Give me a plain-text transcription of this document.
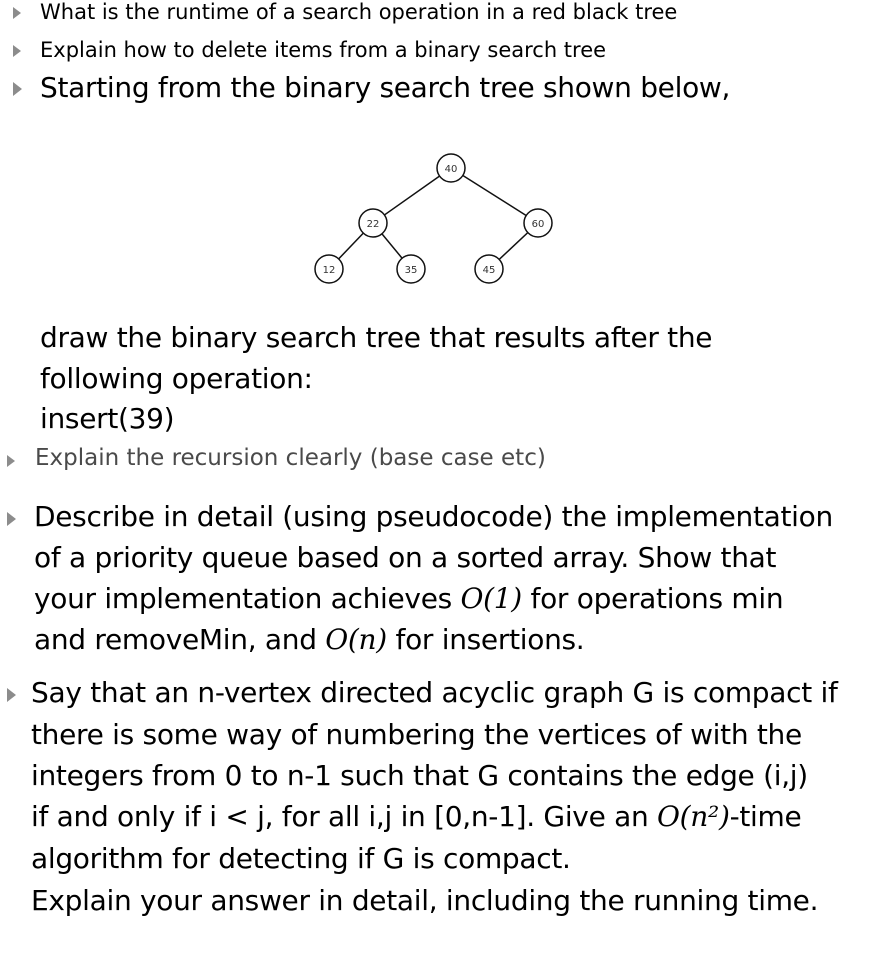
What is the runtime of a search operation in a red black tree
Explain how to delete items from a binary search tree
Starting from the binary search tree shown below,
40
22	60
12	35	45
draw the binary search tree that results after the
following operation:
insert(39)
Explain the recursion clearly (base case etc)
Describe in detail (using pseudocode) the implementation
of a priority queue based on a sorted array. Show that
your implementation achieves O(1) for operations min
and removeMin, and O(n) for insertions.
Say that an n-vertex directed acyclic graph G is compact if
there is some way of numbering the vertices of with the
integers from 0 to n-1 such that G contains the edge (i,j)
if and only if i < j, for all i,j in [0,n-1]. Give an O(n²)-time
algorithm for detecting if G is compact.
Explain your answer in detail, including the running time.
